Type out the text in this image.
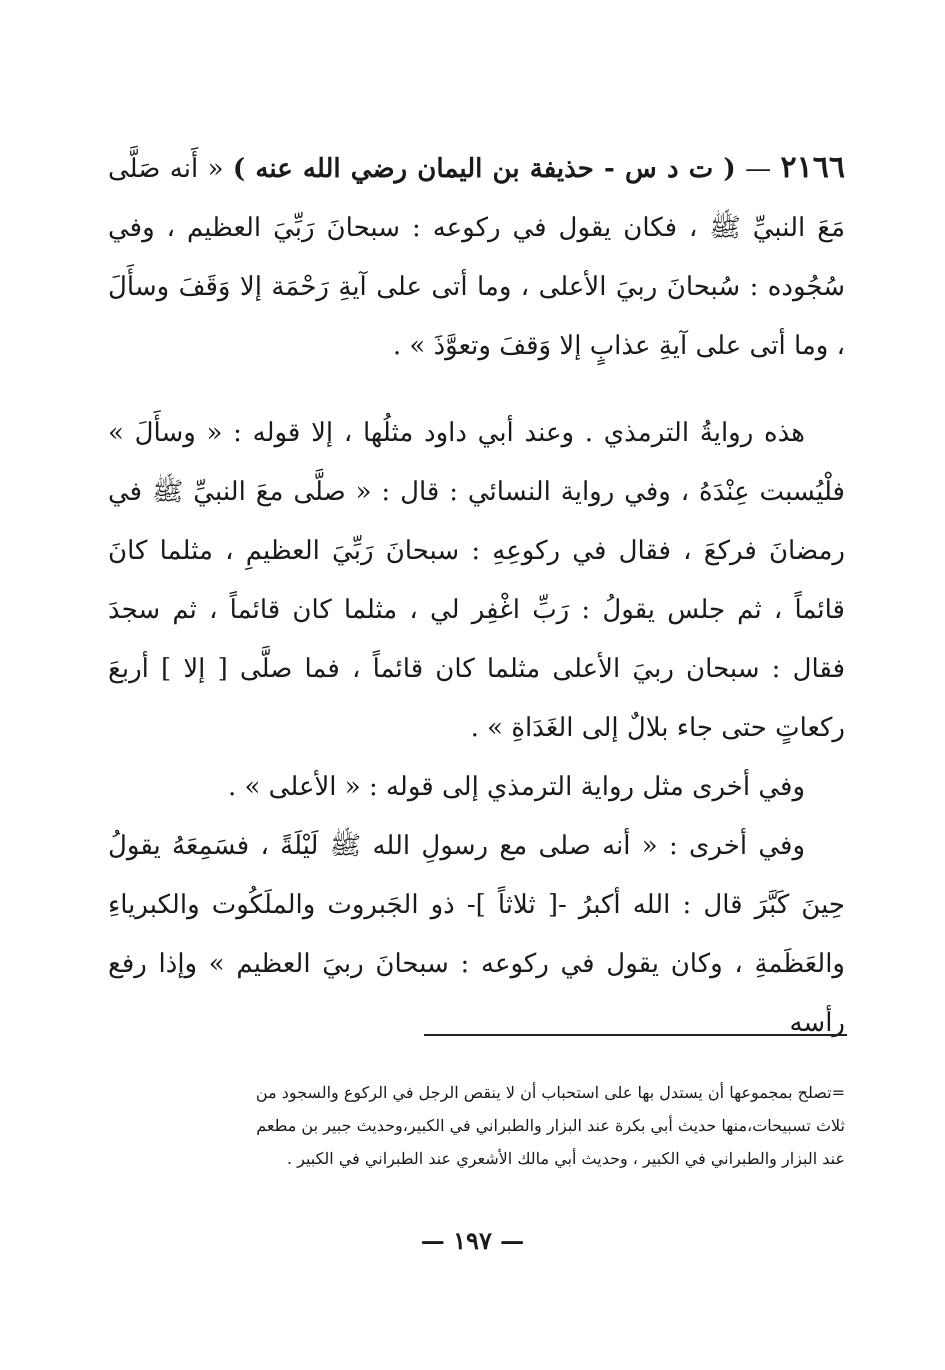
٢١٦٦ — ( ت د س - حذيفة بن اليمان رضي الله عنه ) « أَنه صَلَّى مَعَ النبيِّ ﷺ ، فكان يقول في ركوعه : سبحانَ رَبِّيَ العظيم ، وفي سُجُوده : سُبحانَ ربيَ الأعلى ، وما أتى على آيةِ رَحْمَة إلا وَقَفَ وسأَلَ ، وما أتى على آيةِ عذابٍ إلا وَقفَ وتعوَّذَ » .

هذه روايةُ الترمذي . وعند أبي داود مثلُها ، إلا قوله : « وسأَلَ » فلْيُسبت عِنْدَهُ ، وفي رواية النسائي : قال : « صلَّى معَ النبيِّ ﷺ في رمضانَ فركعَ ، فقال في ركوعِهِ : سبحانَ رَبِّيَ العظيمِ ، مثلما كانَ قائماً ، ثم جلس يقولُ : رَبِّ اغْفِر لي ، مثلما كان قائماً ، ثم سجدَ فقال : سبحان ربيَ الأعلى مثلما كان قائماً ، فما صلَّى [ إلا ] أربعَ ركعاتٍ حتى جاء بلالٌ إلى الغَدَاةِ » .

وفي أخرى مثل رواية الترمذي إلى قوله : « الأعلى » .

وفي أخرى : « أنه صلى مع رسولِ الله ﷺ لَيْلَةً ، فسَمِعَهُ يقولُ حِينَ كَبَّرَ قال : الله أكبرُ -[ ثلاثاً ]- ذو الجَبروت والملَكُوت والكبرياءِ والعَظَمةِ ، وكان يقول في ركوعه : سبحانَ ربيَ العظيم » وإذا رفع رأسه

=تصلح بمجموعها أن يستدل بها على استحباب أن لا ينقص الرجل في الركوع والسجود من

ثلاث تسبيحات،منها حديث أبي بكرة عند البزار والطبراني في الكبير،وحديث جبير بن مطعم

عند البزار والطبراني في الكبير ، وحديث أبي مالك الأشعري عند الطبراني في الكبير .

— ١٩٧ —
